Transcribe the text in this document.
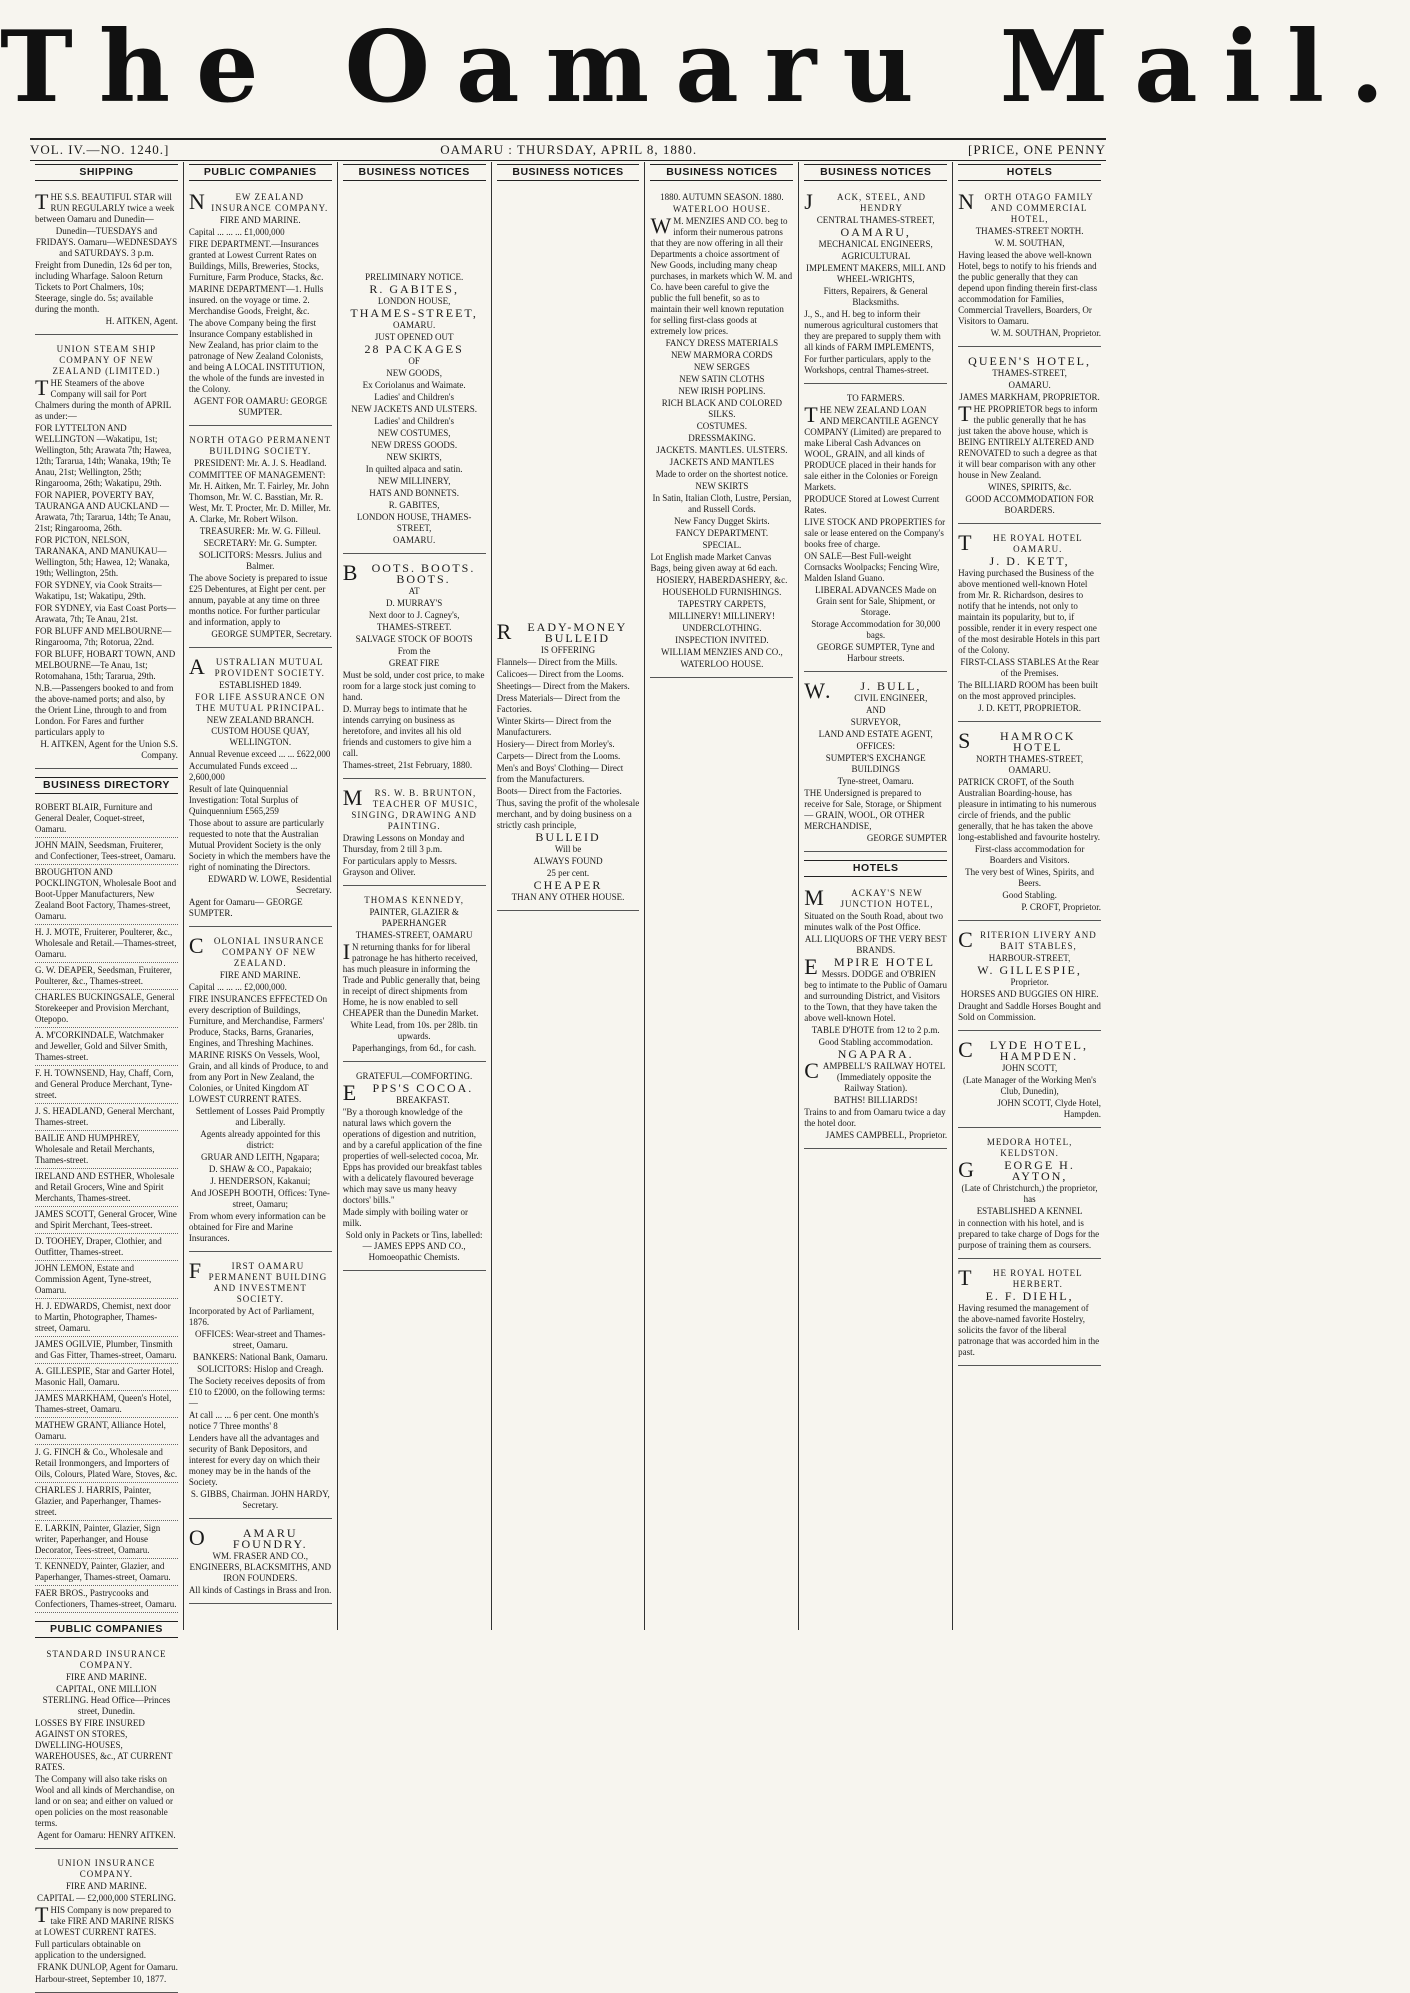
The Oamaru Mail.
VOL. IV.—NO. 1240.]	OAMARU : THURSDAY, APRIL 8, 1880.	[PRICE, ONE PENNY
SHIPPING

THE S.S. BEAUTIFUL STAR will RUN REGULARLY twice a week between Oamaru and Dunedin—

Dunedin—TUESDAYS and FRIDAYS. Oamaru—WEDNESDAYS and SATURDAYS. 3 p.m.

Freight from Dunedin, 12s 6d per ton, including Wharfage. Saloon Return Tickets to Port Chalmers, 10s; Steerage, single do. 5s; available during the month.

H. AITKEN, Agent.

UNION STEAM SHIP COMPANY OF NEW ZEALAND (LIMITED.)

THE Steamers of the above Company will sail for Port Chalmers during the month of APRIL as under:—

FOR LYTTELTON AND WELLINGTON —Wakatipu, 1st; Wellington, 5th; Arawata 7th; Hawea, 12th; Tararua, 14th; Wanaka, 19th; Te Anau, 21st; Wellington, 25th; Ringarooma, 26th; Wakatipu, 29th.

FOR NAPIER, POVERTY BAY, TAURANGA AND AUCKLAND — Arawata, 7th; Tararua, 14th; Te Anau, 21st; Ringarooma, 26th.

FOR PICTON, NELSON, TARANAKA, AND MANUKAU—Wellington, 5th; Hawea, 12; Wanaka, 19th; Wellington, 25th.

FOR SYDNEY, via Cook Straits—Wakatipu, 1st; Wakatipu, 29th.

FOR SYDNEY, via East Coast Ports—Arawata, 7th; Te Anau, 21st.

FOR BLUFF AND MELBOURNE—Ringarooma, 7th; Rotorua, 22nd.

FOR BLUFF, HOBART TOWN, AND MELBOURNE—Te Anau, 1st; Rotomahana, 15th; Tararua, 29th.

N.B.—Passengers booked to and from the above-named ports; and also, by the Orient Line, through to and from London. For Fares and further particulars apply to

H. AITKEN, Agent for the Union S.S. Company.

BUSINESS DIRECTORY
ROBERT BLAIR, Furniture and General Dealer, Coquet-street, Oamaru.
JOHN MAIN, Seedsman, Fruiterer, and Confectioner, Tees-street, Oamaru.
BROUGHTON AND POCKLINGTON, Wholesale Boot and Boot-Upper Manufacturers, New Zealand Boot Factory, Thames-street, Oamaru.
H. J. MOTE, Fruiterer, Poulterer, &c., Wholesale and Retail.—Thames-street, Oamaru.
G. W. DEAPER, Seedsman, Fruiterer, Poulterer, &c., Thames-street.
CHARLES BUCKINGSALE, General Storekeeper and Provision Merchant, Otepopo.
A. M'CORKINDALE, Watchmaker and Jeweller, Gold and Silver Smith, Thames-street.
F. H. TOWNSEND, Hay, Chaff, Corn, and General Produce Merchant, Tyne-street.
J. S. HEADLAND, General Merchant, Thames-street.
BAILIE AND HUMPHREY, Wholesale and Retail Merchants, Thames-street.
IRELAND AND ESTHER, Wholesale and Retail Grocers, Wine and Spirit Merchants, Thames-street.
JAMES SCOTT, General Grocer, Wine and Spirit Merchant, Tees-street.
D. TOOHEY, Draper, Clothier, and Outfitter, Thames-street.
JOHN LEMON, Estate and Commission Agent, Tyne-street, Oamaru.
H. J. EDWARDS, Chemist, next door to Martin, Photographer, Thames-street, Oamaru.
JAMES OGILVIE, Plumber, Tinsmith and Gas Fitter, Thames-street, Oamaru.
A. GILLESPIE, Star and Garter Hotel, Masonic Hall, Oamaru.
JAMES MARKHAM, Queen's Hotel, Thames-street, Oamaru.
MATHEW GRANT, Alliance Hotel, Oamaru.
J. G. FINCH & Co., Wholesale and Retail Ironmongers, and Importers of Oils, Colours, Plated Ware, Stoves, &c.
CHARLES J. HARRIS, Painter, Glazier, and Paperhanger, Thames-street.
E. LARKIN, Painter, Glazier, Sign writer, Paperhanger, and House Decorator, Tees-street, Oamaru.
T. KENNEDY, Painter, Glazier, and Paperhanger, Thames-street, Oamaru.
FAER BROS., Pastrycooks and Confectioners, Thames-street, Oamaru.
PUBLIC COMPANIES

STANDARD INSURANCE COMPANY.

FIRE AND MARINE.

CAPITAL, ONE MILLION STERLING. Head Office—Princes street, Dunedin.

LOSSES BY FIRE INSURED AGAINST ON STORES, DWELLING-HOUSES, WAREHOUSES, &c., AT CURRENT RATES.

The Company will also take risks on Wool and all kinds of Merchandise, on land or on sea; and either on valued or open policies on the most reasonable terms.

Agent for Oamaru: HENRY AITKEN.

UNION INSURANCE COMPANY.

FIRE AND MARINE.

CAPITAL — £2,000,000 STERLING.

THIS Company is now prepared to take FIRE AND MARINE RISKS at LOWEST CURRENT RATES.

Full particulars obtainable on application to the undersigned.

FRANK DUNLOP, Agent for Oamaru.

Harbour-street, September 10, 1877.

PUBLIC COMPANIES

NEW ZEALAND INSURANCE COMPANY.

FIRE AND MARINE.

Capital ... ... ... £1,000,000

FIRE DEPARTMENT.—Insurances granted at Lowest Current Rates on Buildings, Mills, Breweries, Stocks, Furniture, Farm Produce, Stacks, &c.

MARINE DEPARTMENT—1. Hulls insured. on the voyage or time. 2. Merchandise Goods, Freight, &c.

The above Company being the first Insurance Company established in New Zealand, has prior claim to the patronage of New Zealand Colonists, and being A LOCAL INSTITUTION, the whole of the funds are invested in the Colony.

AGENT FOR OAMARU: GEORGE SUMPTER.

NORTH OTAGO PERMANENT BUILDING SOCIETY.

PRESIDENT: Mr. A. J. S. Headland.

COMMITTEE OF MANAGEMENT: Mr. H. Aitken, Mr. T. Fairley, Mr. John Thomson, Mr. W. C. Basstian, Mr. R. West, Mr. T. Procter, Mr. D. Miller, Mr. A. Clarke, Mr. Robert Wilson.

TREASURER: Mr. W. G. Filleul.

SECRETARY: Mr. G. Sumpter.

SOLICITORS: Messrs. Julius and Balmer.

The above Society is prepared to issue £25 Debentures, at Eight per cent. per annum, payable at any time on three months notice. For further particular and information, apply to

GEORGE SUMPTER, Secretary.

AUSTRALIAN MUTUAL PROVIDENT SOCIETY.

ESTABLISHED 1849.

FOR LIFE ASSURANCE ON THE MUTUAL PRINCIPAL.

NEW ZEALAND BRANCH. CUSTOM HOUSE QUAY, WELLINGTON.

Annual Revenue exceed ... ... £622,000

Accumulated Funds exceed ... 2,600,000

Result of late Quinquennial Investigation: Total Surplus of Quinquennium £565,259

Those about to assure are particularly requested to note that the Australian Mutual Provident Society is the only Society in which the members have the right of nominating the Directors.

EDWARD W. LOWE, Residential Secretary.

Agent for Oamaru— GEORGE SUMPTER.

COLONIAL INSURANCE COMPANY OF NEW ZEALAND.

FIRE AND MARINE.

Capital ... ... ... £2,000,000.

FIRE INSURANCES EFFECTED On every description of Buildings, Furniture, and Merchandise, Farmers' Produce, Stacks, Barns, Granaries, Engines, and Threshing Machines.

MARINE RISKS On Vessels, Wool, Grain, and all kinds of Produce, to and from any Port in New Zealand, the Colonies, or United Kingdom AT LOWEST CURRENT RATES.

Settlement of Losses Paid Promptly and Liberally.

Agents already appointed for this district:

GRUAR AND LEITH, Ngapara;

D. SHAW & CO., Papakaio;

J. HENDERSON, Kakanui;

And JOSEPH BOOTH, Offices: Tyne-street, Oamaru;

From whom every information can be obtained for Fire and Marine Insurances.

FIRST OAMARU PERMANENT BUILDING AND INVESTMENT SOCIETY.

Incorporated by Act of Parliament, 1876.

OFFICES: Wear-street and Thames-street, Oamaru.

BANKERS: National Bank, Oamaru.

SOLICITORS: Hislop and Creagh.

The Society receives deposits of from £10 to £2000, on the following terms:—

At call ... ... 6 per cent. One month's notice 7 Three months' 8

Lenders have all the advantages and security of Bank Depositors, and interest for every day on which their money may be in the hands of the Society.

S. GIBBS, Chairman. JOHN HARDY, Secretary.

OAMARU FOUNDRY.

WM. FRASER AND CO., ENGINEERS, BLACKSMITHS, AND IRON FOUNDERS.

All kinds of Castings in Brass and Iron.

BUSINESS NOTICES

PRELIMINARY NOTICE.

R. GABITES,

LONDON HOUSE,

THAMES-STREET,

OAMARU.

JUST OPENED OUT

28 PACKAGES

OF

NEW GOODS,

Ex Coriolanus and Waimate.

Ladies' and Children's

NEW JACKETS AND ULSTERS.

Ladies' and Children's

NEW COSTUMES,

NEW DRESS GOODS.

NEW SKIRTS,

In quilted alpaca and satin.

NEW MILLINERY,

HATS AND BONNETS.

R. GABITES,

LONDON HOUSE, THAMES-STREET,

OAMARU.

BOOTS. BOOTS. BOOTS.

AT

D. MURRAY'S

Next door to J. Cagney's,

THAMES-STREET.

SALVAGE STOCK OF BOOTS

From the

GREAT FIRE

Must be sold, under cost price, to make room for a large stock just coming to hand.

D. Murray begs to intimate that he intends carrying on business as heretofore, and invites all his old friends and customers to give him a call.

Thames-street, 21st February, 1880.

MRS. W. B. BRUNTON, TEACHER OF MUSIC, SINGING, DRAWING AND PAINTING.

Drawing Lessons on Monday and Thursday, from 2 till 3 p.m.

For particulars apply to Messrs. Grayson and Oliver.

THOMAS KENNEDY,

PAINTER, GLAZIER & PAPERHANGER

THAMES-STREET, OAMARU

IN returning thanks for for liberal patronage he has hitherto received, has much pleasure in informing the Trade and Public generally that, being in receipt of direct shipments from Home, he is now enabled to sell CHEAPER than the Dunedin Market.

White Lead, from 10s. per 28lb. tin upwards.

Paperhangings, from 6d., for cash.

GRATEFUL—COMFORTING.

EPPS'S COCOA.

BREAKFAST.

"By a thorough knowledge of the natural laws which govern the operations of digestion and nutrition, and by a careful application of the fine properties of well-selected cocoa, Mr. Epps has provided our breakfast tables with a delicately flavoured beverage which may save us many heavy doctors' bills."

Made simply with boiling water or milk.

Sold only in Packets or Tins, labelled:— JAMES EPPS AND CO., Homoeopathic Chemists.

BUSINESS NOTICES

READY-MONEY BULLEID

IS OFFERING

Flannels— Direct from the Mills.

Calicoes— Direct from the Looms.

Sheetings— Direct from the Makers.

Dress Materials— Direct from the Factories.

Winter Skirts— Direct from the Manufacturers.

Hosiery— Direct from Morley's.

Carpets— Direct from the Looms.

Men's and Boys' Clothing— Direct from the Manufacturers.

Boots— Direct from the Factories.

Thus, saving the profit of the wholesale merchant, and by doing business on a strictly cash principle,

BULLEID

Will be

ALWAYS FOUND

25 per cent.

CHEAPER

THAN ANY OTHER HOUSE.

BUSINESS NOTICES

1880. AUTUMN SEASON. 1880.

WATERLOO HOUSE.

WM. MENZIES AND CO. beg to inform their numerous patrons that they are now offering in all their Departments a choice assortment of New Goods, including many cheap purchases, in markets which W. M. and Co. have been careful to give the public the full benefit, so as to maintain their well known reputation for selling first-class goods at extremely low prices.

FANCY DRESS MATERIALS

NEW MARMORA CORDS

NEW SERGES

NEW SATIN CLOTHS

NEW IRISH POPLINS.

RICH BLACK AND COLORED SILKS.

COSTUMES.

DRESSMAKING.

JACKETS. MANTLES. ULSTERS.

JACKETS AND MANTLES

Made to order on the shortest notice.

NEW SKIRTS

In Satin, Italian Cloth, Lustre, Persian, and Russell Cords.

New Fancy Dugget Skirts.

FANCY DEPARTMENT.

SPECIAL.

Lot English made Market Canvas Bags, being given away at 6d each.

HOSIERY, HABERDASHERY, &c.

HOUSEHOLD FURNISHINGS.

TAPESTRY CARPETS,

MILLINERY! MILLINERY!

UNDERCLOTHING.

INSPECTION INVITED.

WILLIAM MENZIES AND CO.,

WATERLOO HOUSE.

BUSINESS NOTICES

JACK, STEEL, AND HENDRY

CENTRAL THAMES-STREET,

OAMARU,

MECHANICAL ENGINEERS,

AGRICULTURAL

IMPLEMENT MAKERS, MILL AND WHEEL-WRIGHTS,

Fitters, Repairers, & General Blacksmiths.

J., S., and H. beg to inform their numerous agricultural customers that they are prepared to supply them with all kinds of FARM IMPLEMENTS,

For further particulars, apply to the Workshops, central Thames-street.

TO FARMERS.

THE NEW ZEALAND LOAN AND MERCANTILE AGENCY COMPANY (Limited) are prepared to make Liberal Cash Advances on WOOL, GRAIN, and all kinds of PRODUCE placed in their hands for sale either in the Colonies or Foreign Markets.

PRODUCE Stored at Lowest Current Rates.

LIVE STOCK AND PROPERTIES for sale or lease entered on the Company's books free of charge.

ON SALE—Best Full-weight Cornsacks Woolpacks; Fencing Wire, Malden Island Guano.

LIBERAL ADVANCES Made on Grain sent for Sale, Shipment, or Storage.

Storage Accommodation for 30,000 bags.

GEORGE SUMPTER, Tyne and Harbour streets.

W.J. BULL,

CIVIL ENGINEER,

AND

SURVEYOR,

LAND AND ESTATE AGENT,

OFFICES:

SUMPTER'S EXCHANGE BUILDINGS

Tyne-street, Oamaru.

THE Undersigned is prepared to receive for Sale, Storage, or Shipment— GRAIN, WOOL, OR OTHER MERCHANDISE,

GEORGE SUMPTER

HOTELS

MACKAY'S NEW JUNCTION HOTEL,

Situated on the South Road, about two minutes walk of the Post Office.

ALL LIQUORS OF THE VERY BEST BRANDS.

EMPIRE HOTEL

Messrs. DODGE and O'BRIEN beg to intimate to the Public of Oamaru and surrounding District, and Visitors to the Town, that they have taken the above well-known Hotel.

TABLE D'HOTE from 12 to 2 p.m.

Good Stabling accommodation.

NGAPARA.

CAMPBELL'S RAILWAY HOTEL (Immediately opposite the Railway Station).

BATHS! BILLIARDS!

Trains to and from Oamaru twice a day the hotel door.

JAMES CAMPBELL, Proprietor.

HOTELS

NORTH OTAGO FAMILY AND COMMERCIAL HOTEL,

THAMES-STREET NORTH.

W. M. SOUTHAN,

Having leased the above well-known Hotel, begs to notify to his friends and the public generally that they can depend upon finding therein first-class accommodation for Families, Commercial Travellers, Boarders, Or Visitors to Oamaru.

W. M. SOUTHAN, Proprietor.

QUEEN'S HOTEL,

THAMES-STREET,

OAMARU.

JAMES MARKHAM, PROPRIETOR.

THE PROPRIETOR begs to inform the public generally that he has just taken the above house, which is BEING ENTIRELY ALTERED AND RENOVATED to such a degree as that it will bear comparison with any other house in New Zealand.

WINES, SPIRITS, &c.

GOOD ACCOMMODATION FOR BOARDERS.

THE ROYAL HOTEL OAMARU.

J. D. KETT,

Having purchased the Business of the above mentioned well-known Hotel from Mr. R. Richardson, desires to notify that he intends, not only to maintain its popularity, but to, if possible, render it in every respect one of the most desirable Hotels in this part of the Colony.

FIRST-CLASS STABLES At the Rear of the Premises.

The BILLIARD ROOM has been built on the most approved principles.

J. D. KETT, PROPRIETOR.

SHAMROCK HOTEL

NORTH THAMES-STREET, OAMARU.

PATRICK CROFT, of the South Australian Boarding-house, has pleasure in intimating to his numerous circle of friends, and the public generally, that he has taken the above long-established and favourite hostelry.

First-class accommodation for Boarders and Visitors.

The very best of Wines, Spirits, and Beers.

Good Stabling.

P. CROFT, Proprietor.

CRITERION LIVERY AND BAIT STABLES,

HARBOUR-STREET,

W. GILLESPIE,

Proprietor.

HORSES AND BUGGIES ON HIRE.

Draught and Saddle Horses Bought and Sold on Commission.

CLYDE HOTEL, HAMPDEN.

JOHN SCOTT,

(Late Manager of the Working Men's Club, Dunedin),

JOHN SCOTT, Clyde Hotel, Hampden.

MEDORA HOTEL, KELDSTON.

GEORGE H. AYTON,

(Late of Christchurch,) the proprietor, has

ESTABLISHED A KENNEL

in connection with his hotel, and is prepared to take charge of Dogs for the purpose of training them as coursers.

THE ROYAL HOTEL HERBERT.

E. F. DIEHL,

Having resumed the management of the above-named favorite Hostelry, solicits the favor of the liberal patronage that was accorded him in the past.
